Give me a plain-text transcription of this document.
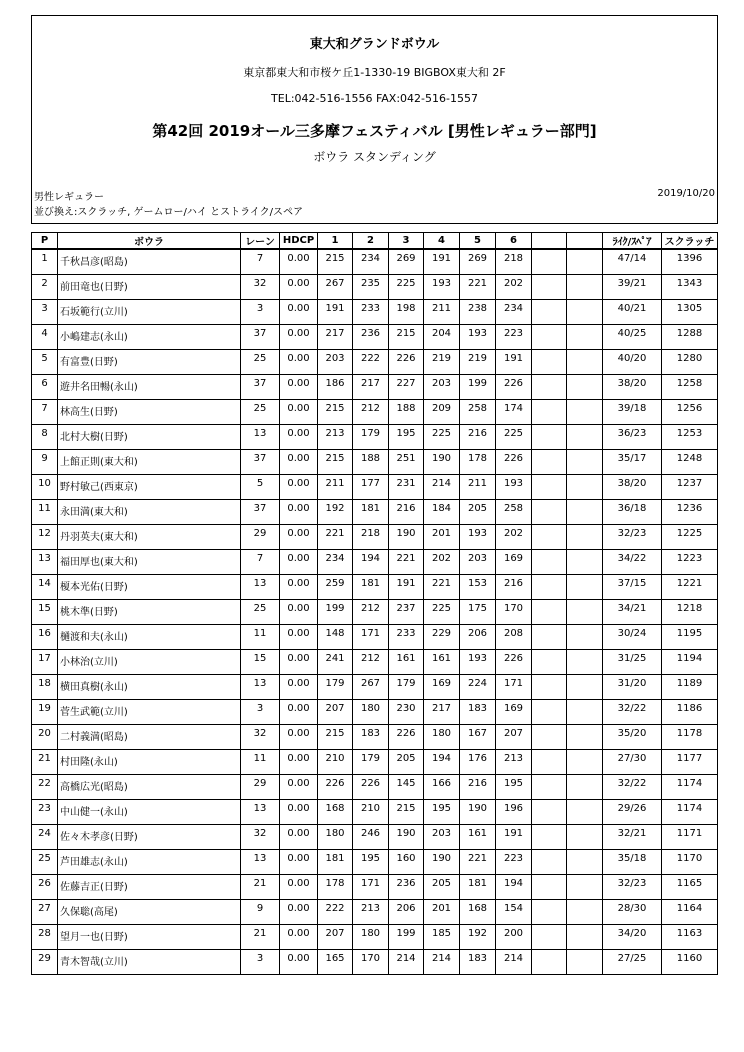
東大和グランドボウル
東京都東大和市桜ケ丘1-1330-19 BIGBOX東大和 2F
TEL:042-516-1556 FAX:042-516-1557
第42回 2019オール三多摩フェスティバル [男性レギュラー部門]
ボウラ スタンディング
男性レギュラー
並び換え:スクラッチ, ゲームロー/ハイ とストライク/スペア
2019/10/20
P	ボウラ	レーン	HDCP	1	2	3	4	5	6			ﾗｲｸ/ｽﾍﾟｱ	スクラッチ
1	千秋昌彦(昭島)	7	0.00	215	234	269	191	269	218			47/14	1396
2	前田竜也(日野)	32	0.00	267	235	225	193	221	202			39/21	1343
3	石坂範行(立川)	3	0.00	191	233	198	211	238	234			40/21	1305
4	小嶋建志(永山)	37	0.00	217	236	215	204	193	223			40/25	1288
5	有富豊(日野)	25	0.00	203	222	226	219	219	191			40/20	1280
6	遊井名田暢(永山)	37	0.00	186	217	227	203	199	226			38/20	1258
7	林高生(日野)	25	0.00	215	212	188	209	258	174			39/18	1256
8	北村大樹(日野)	13	0.00	213	179	195	225	216	225			36/23	1253
9	上館正則(東大和)	37	0.00	215	188	251	190	178	226			35/17	1248
10	野村敏己(西東京)	5	0.00	211	177	231	214	211	193			38/20	1237
11	永田満(東大和)	37	0.00	192	181	216	184	205	258			36/18	1236
12	丹羽英夫(東大和)	29	0.00	221	218	190	201	193	202			32/23	1225
13	福田厚也(東大和)	7	0.00	234	194	221	202	203	169			34/22	1223
14	榎本光佑(日野)	13	0.00	259	181	191	221	153	216			37/15	1221
15	桃木準(日野)	25	0.00	199	212	237	225	175	170			34/21	1218
16	樋渡和夫(永山)	11	0.00	148	171	233	229	206	208			30/24	1195
17	小林治(立川)	15	0.00	241	212	161	161	193	226			31/25	1194
18	横田真樹(永山)	13	0.00	179	267	179	169	224	171			31/20	1189
19	菅生武範(立川)	3	0.00	207	180	230	217	183	169			32/22	1186
20	二村義満(昭島)	32	0.00	215	183	226	180	167	207			35/20	1178
21	村田隆(永山)	11	0.00	210	179	205	194	176	213			27/30	1177
22	高橋広光(昭島)	29	0.00	226	226	145	166	216	195			32/22	1174
23	中山健一(永山)	13	0.00	168	210	215	195	190	196			29/26	1174
24	佐々木孝彦(日野)	32	0.00	180	246	190	203	161	191			32/21	1171
25	芦田雄志(永山)	13	0.00	181	195	160	190	221	223			35/18	1170
26	佐藤吉正(日野)	21	0.00	178	171	236	205	181	194			32/23	1165
27	久保聡(高尾)	9	0.00	222	213	206	201	168	154			28/30	1164
28	望月一也(日野)	21	0.00	207	180	199	185	192	200			34/20	1163
29	青木智哉(立川)	3	0.00	165	170	214	214	183	214			27/25	1160
